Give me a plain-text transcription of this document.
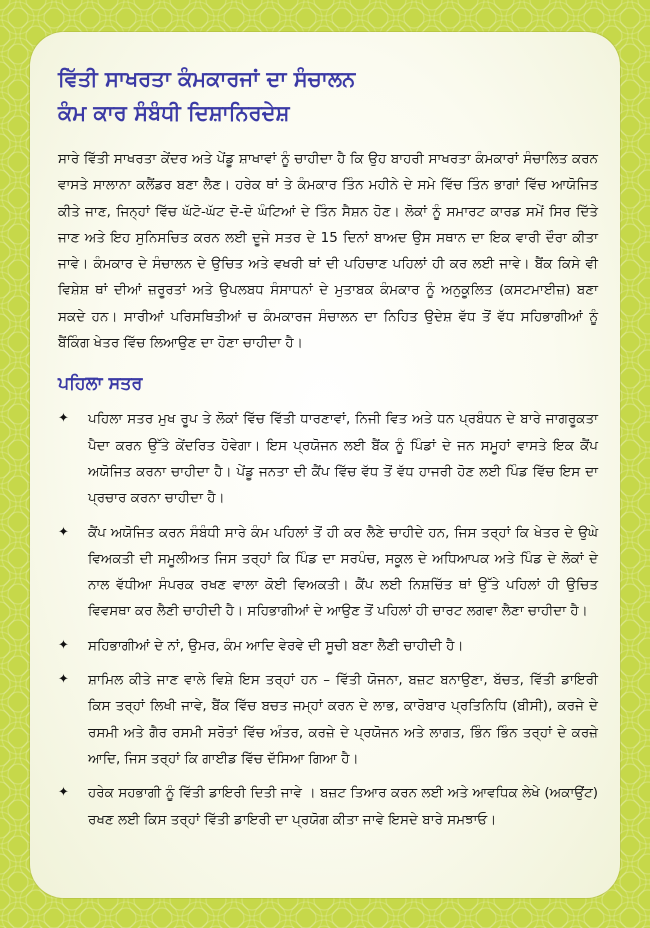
ਵਿੱਤੀ ਸਾਖਰਤਾ ਕੰਮਕਾਰਜਾਂ ਦਾ ਸੰਚਾਲਨ
ਕੰਮ ਕਾਰ ਸੰਬੰਧੀ ਦਿਸ਼ਾਨਿਰਦੇਸ਼

ਸਾਰੇ ਵਿੱਤੀ ਸਾਖਰਤਾ ਕੇਂਦਰ ਅਤੇ ਪੇਂਡੂ ਸ਼ਾਖਾਵਾਂ ਨੂੰ ਚਾਹੀਦਾ ਹੈ ਕਿ ਉਹ ਬਾਹਰੀ ਸਾਖਰਤਾ ਕੰਮਕਾਰਾਂ ਸੰਚਾਲਿਤ ਕਰਨ ਵਾਸਤੇ ਸਾਲਾਨਾ ਕਲੈਂਡਰ ਬਣਾ ਲੈਣ। ਹਰੇਕ ਥਾਂ ਤੇ ਕੰਮਕਾਰ ਤਿੰਨ ਮਹੀਨੇ ਦੇ ਸਮੇ ਵਿੱਚ ਤਿੰਨ ਭਾਗਾਂ ਵਿੱਚ ਆਯੋਜਿਤ ਕੀਤੇ ਜਾਣ, ਜਿਨ੍ਹਾਂ ਵਿੱਚ ਘੱਟੋ-ਘੱਟ ਦੋ-ਦੋ ਘੰਟਿਆਂ ਦੇ ਤਿੰਨ ਸੈਸ਼ਨ ਹੋਣ। ਲੋਕਾਂ ਨੂੰ ਸਮਾਰਟ ਕਾਰਡ ਸਮੇਂ ਸਿਰ ਦਿੱਤੇ ਜਾਣ ਅਤੇ ਇਹ ਸੁਨਿਸਚਿਤ ਕਰਨ ਲਈ ਦੂਜੇ ਸਤਰ ਦੇ 15 ਦਿਨਾਂ ਬਾਅਦ ਉਸ ਸਥਾਨ ਦਾ ਇਕ ਵਾਰੀ ਦੌਰਾ ਕੀਤਾ ਜਾਵੇ। ਕੰਮਕਾਰ ਦੇ ਸੰਚਾਲਨ ਦੇ ਉਚਿਤ ਅਤੇ ਵਖਰੀ ਥਾਂ ਦੀ ਪਹਿਚਾਣ ਪਹਿਲਾਂ ਹੀ ਕਰ ਲਈ ਜਾਵੇ। ਬੈਂਕ ਕਿਸੇ ਵੀ ਵਿਸ਼ੇਸ਼ ਥਾਂ ਦੀਆਂ ਜ਼ਰੂਰਤਾਂ ਅਤੇ ਉਪਲਬਧ ਸੰਸਾਧਨਾਂ ਦੇ ਮੁਤਾਬਕ ਕੰਮਕਾਰ ਨੂੰ ਅਨੁਕੂਲਿਤ (ਕਸਟਮਾਈਜ਼) ਬਣਾ ਸਕਦੇ ਹਨ। ਸਾਰੀਆਂ ਪਰਿਸਥਿਤੀਆਂ ਚ ਕੰਮਕਾਰਜ ਸੰਚਾਲਨ ਦਾ ਨਿਹਿਤ ਉਦੇਸ਼ ਵੱਧ ਤੋਂ ਵੱਧ ਸਹਿਭਾਗੀਆਂ ਨੂੰ ਬੈਂਕਿੰਗ ਖੇਤਰ ਵਿੱਚ ਲਿਆਉਣ ਦਾ ਹੋਣਾ ਚਾਹੀਦਾ ਹੈ।

ਪਹਿਲਾ ਸਤਰ
✦ ਪਹਿਲਾ ਸਤਰ ਮੁਖ ਰੂਪ ਤੇ ਲੋਕਾਂ ਵਿੱਚ ਵਿੱਤੀ ਧਾਰਣਾਵਾਂ, ਨਿਜੀ ਵਿਤ ਅਤੇ ਧਨ ਪ੍ਰਬੰਧਨ ਦੇ ਬਾਰੇ ਜਾਗਰੂਕਤਾ ਪੈਦਾ ਕਰਨ ਉੱਤੇ ਕੇਂਦਰਿਤ ਹੋਵੇਗਾ। ਇਸ ਪ੍ਰਯੋਜਨ ਲਈ ਬੈਂਕ ਨੂੰ ਪਿੰਡਾਂ ਦੇ ਜਨ ਸਮੂਹਾਂ ਵਾਸਤੇ ਇਕ ਕੈਂਪ ਅਯੋਜਿਤ ਕਰਨਾ ਚਾਹੀਦਾ ਹੈ। ਪੇਂਡੂ ਜਨਤਾ ਦੀ ਕੈਂਪ ਵਿੱਚ ਵੱਧ ਤੋਂ ਵੱਧ ਹਾਜਰੀ ਹੋਣ ਲਈ ਪਿੰਡ ਵਿੱਚ ਇਸ ਦਾ ਪ੍ਰਚਾਰ ਕਰਨਾ ਚਾਹੀਦਾ ਹੈ।
✦ ਕੈਂਪ ਅਯੋਜਿਤ ਕਰਨ ਸੰਬੰਧੀ ਸਾਰੇ ਕੰਮ ਪਹਿਲਾਂ ਤੋਂ ਹੀ ਕਰ ਲੈਣੇ ਚਾਹੀਦੇ ਹਨ, ਜਿਸ ਤਰ੍ਹਾਂ ਕਿ ਖੇਤਰ ਦੇ ਉਘੇ ਵਿਅਕਤੀ ਦੀ ਸਮੂਲੀਅਤ ਜਿਸ ਤਰ੍ਹਾਂ ਕਿ ਪਿੰਡ ਦਾ ਸਰਪੰਚ, ਸਕੂਲ ਦੇ ਅਧਿਆਪਕ ਅਤੇ ਪਿੰਡ ਦੇ ਲੋਕਾਂ ਦੇ ਨਾਲ ਵੱਧੀਆ ਸੰਪਰਕ ਰਖਣ ਵਾਲਾ ਕੋਈ ਵਿਅਕਤੀ। ਕੈਂਪ ਲਈ ਨਿਸ਼ਚਿੱਤ ਥਾਂ ਉੱਤੇ ਪਹਿਲਾਂ ਹੀ ਉਚਿਤ ਵਿਵਸਥਾ ਕਰ ਲੈਣੀ ਚਾਹੀਦੀ ਹੈ। ਸਹਿਭਾਗੀਆਂ ਦੇ ਆਉਣ ਤੋਂ ਪਹਿਲਾਂ ਹੀ ਚਾਰਟ ਲਗਵਾ ਲੈਣਾ ਚਾਹੀਦਾ ਹੈ।
✦ ਸਹਿਭਾਗੀਆਂ ਦੇ ਨਾਂ, ਉਮਰ, ਕੰਮ ਆਦਿ ਵੇਰਵੇ ਦੀ ਸੂਚੀ ਬਣਾ ਲੈਣੀ ਚਾਹੀਦੀ ਹੈ।
✦ ਸ਼ਾਮਿਲ ਕੀਤੇ ਜਾਣ ਵਾਲੇ ਵਿਸ਼ੇ ਇਸ ਤਰ੍ਹਾਂ ਹਨ – ਵਿੱਤੀ ਯੋਜਨਾ, ਬਜ਼ਟ ਬਨਾਉਣਾ, ਬੱਚਤ, ਵਿੱਤੀ ਡਾਇਰੀ ਕਿਸ ਤਰ੍ਹਾਂ ਲਿਖੀ ਜਾਵੇ, ਬੈਂਕ ਵਿੱਚ ਬਚਤ ਜਮ੍ਹਾਂ ਕਰਨ ਦੇ ਲਾਭ, ਕਾਰੋਬਾਰ ਪ੍ਰਤਿਨਿਧਿ (ਬੀਸੀ), ਕਰਜੇ ਦੇ ਰਸਮੀ ਅਤੇ ਗੈਰ ਰਸਮੀ ਸਰੋਤਾਂ ਵਿੱਚ ਅੰਤਰ, ਕਰਜ਼ੇ ਦੇ ਪ੍ਰਯੋਜਨ ਅਤੇ ਲਾਗਤ, ਭਿੰਨ ਭਿੰਨ ਤਰ੍ਹਾਂ ਦੇ ਕਰਜ਼ੇ ਆਦਿ, ਜਿਸ ਤਰ੍ਹਾਂ ਕਿ ਗਾਈਡ ਵਿੱਚ ਦੱਸਿਆ ਗਿਆ ਹੈ।
✦ ਹਰੇਕ ਸਹਭਾਗੀ ਨੂੰ ਵਿੱਤੀ ਡਾਇਰੀ ਦਿਤੀ ਜਾਵੇ । ਬਜ਼ਟ ਤਿਆਰ ਕਰਨ ਲਈ ਅਤੇ ਆਵਧਿਕ ਲੇਖੇ (ਅਕਾਉਂਟ) ਰਖਣ ਲਈ ਕਿਸ ਤਰ੍ਹਾਂ ਵਿੱਤੀ ਡਾਇਰੀ ਦਾ ਪ੍ਰਯੋਗ ਕੀਤਾ ਜਾਵੇ ਇਸਦੇ ਬਾਰੇ ਸਮਝਾਓ।
